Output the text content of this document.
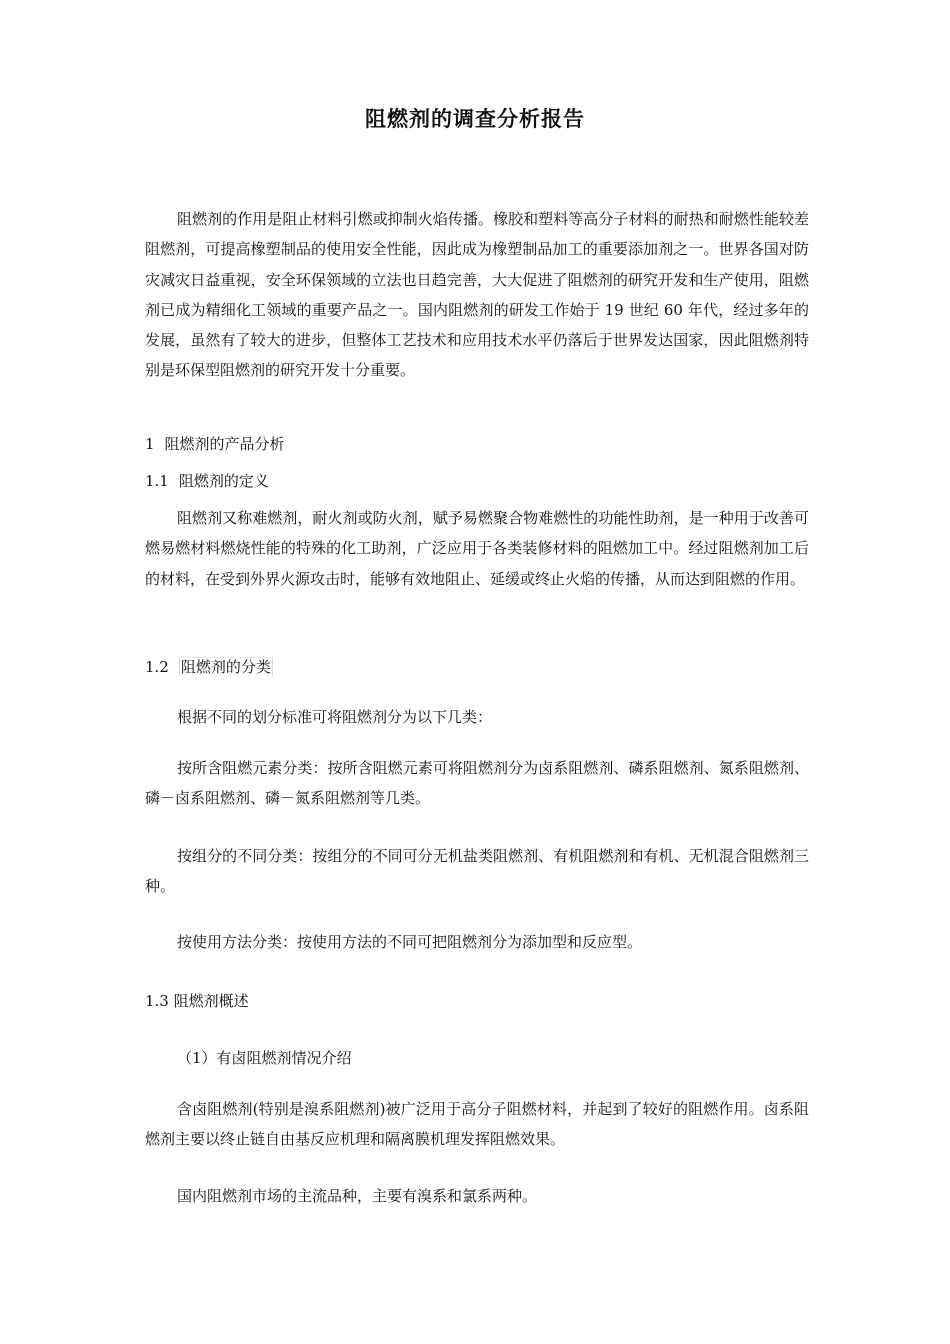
阻燃剂的调查分析报告

阻燃剂的作用是阻止材料引燃或抑制火焰传播。橡胶和塑料等高分子材料的耐热和耐燃性能较差阻燃剂，可提高橡塑制品的使用安全性能，因此成为橡塑制品加工的重要添加剂之一。世界各国对防灾减灾日益重视，安全环保领域的立法也日趋完善，大大促进了阻燃剂的研究开发和生产使用，阻燃剂已成为精细化工领域的重要产品之一。国内阻燃剂的研发工作始于 19 世纪 60 年代，经过多年的发展，虽然有了较大的进步，但整体工艺技术和应用技术水平仍落后于世界发达国家，因此阻燃剂特别是环保型阻燃剂的研究开发十分重要。

1 阻燃剂的产品分析
1.1 阻燃剂的定义

阻燃剂又称难燃剂，耐火剂或防火剂，赋予易燃聚合物难燃性的功能性助剂，是一种用于改善可燃易燃材料燃烧性能的特殊的化工助剂，广泛应用于各类装修材料的阻燃加工中。经过阻燃剂加工后的材料，在受到外界火源攻击时，能够有效地阻止、延缓或终止火焰的传播，从而达到阻燃的作用。

1.2 阻燃剂的分类

根据不同的划分标准可将阻燃剂分为以下几类：

按所含阻燃元素分类：按所含阻燃元素可将阻燃剂分为卤系阻燃剂、磷系阻燃剂、氮系阻燃剂、磷－卤系阻燃剂、磷－氮系阻燃剂等几类。

按组分的不同分类：按组分的不同可分无机盐类阻燃剂、有机阻燃剂和有机、无机混合阻燃剂三种。

按使用方法分类：按使用方法的不同可把阻燃剂分为添加型和反应型。

1.3 阻燃剂概述
（1）有卤阻燃剂情况介绍

含卤阻燃剂(特别是溴系阻燃剂)被广泛用于高分子阻燃材料，并起到了较好的阻燃作用。卤系阻燃剂主要以终止链自由基反应机理和隔离膜机理发挥阻燃效果。

国内阻燃剂市场的主流品种，主要有溴系和氯系两种。
